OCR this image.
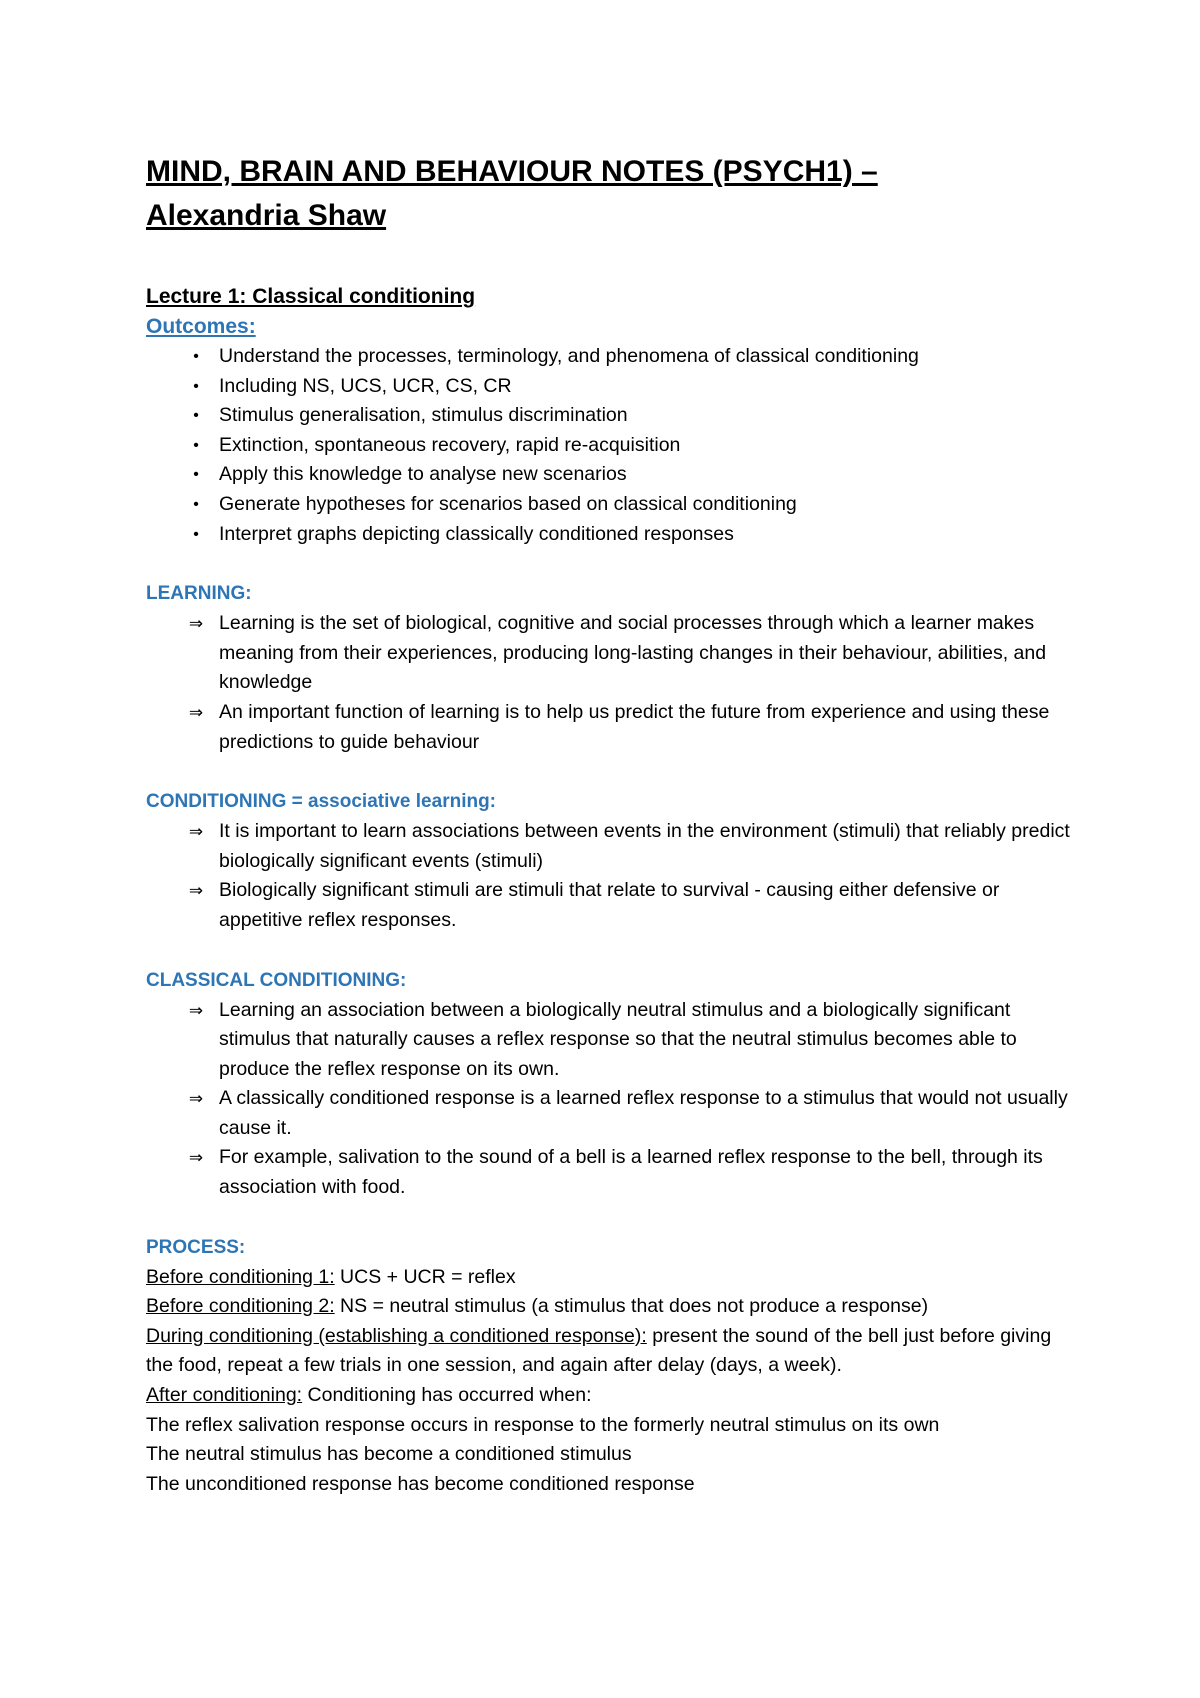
MIND, BRAIN AND BEHAVIOUR NOTES (PSYCH1) –
Alexandria Shaw
Lecture 1: Classical conditioning
Outcomes:
•	Understand the processes, terminology, and phenomena of classical conditioning
•	Including NS, UCS, UCR, CS, CR
•	Stimulus generalisation, stimulus discrimination
•	Extinction, spontaneous recovery, rapid re-acquisition
•	Apply this knowledge to analyse new scenarios
•	Generate hypotheses for scenarios based on classical conditioning
•	Interpret graphs depicting classically conditioned responses
LEARNING:
⇒ Learning is the set of biological, cognitive and social processes through which a learner makes meaning from their experiences, producing long-lasting changes in their behaviour, abilities, and knowledge
⇒ An important function of learning is to help us predict the future from experience and using these predictions to guide behaviour
CONDITIONING = associative learning:
⇒ It is important to learn associations between events in the environment (stimuli) that reliably predict biologically significant events (stimuli)
⇒ Biologically significant stimuli are stimuli that relate to survival - causing either defensive or appetitive reflex responses.
CLASSICAL CONDITIONING:
⇒ Learning an association between a biologically neutral stimulus and a biologically significant stimulus that naturally causes a reflex response so that the neutral stimulus becomes able to produce the reflex response on its own.
⇒ A classically conditioned response is a learned reflex response to a stimulus that would not usually cause it.
⇒ For example, salivation to the sound of a bell is a learned reflex response to the bell, through its association with food.
PROCESS:
Before conditioning 1: UCS + UCR = reflex
Before conditioning 2: NS = neutral stimulus (a stimulus that does not produce a response)
During conditioning (establishing a conditioned response): present the sound of the bell just before giving the food, repeat a few trials in one session, and again after delay (days, a week).
After conditioning: Conditioning has occurred when:
The reflex salivation response occurs in response to the formerly neutral stimulus on its own
The neutral stimulus has become a conditioned stimulus
The unconditioned response has become conditioned response
